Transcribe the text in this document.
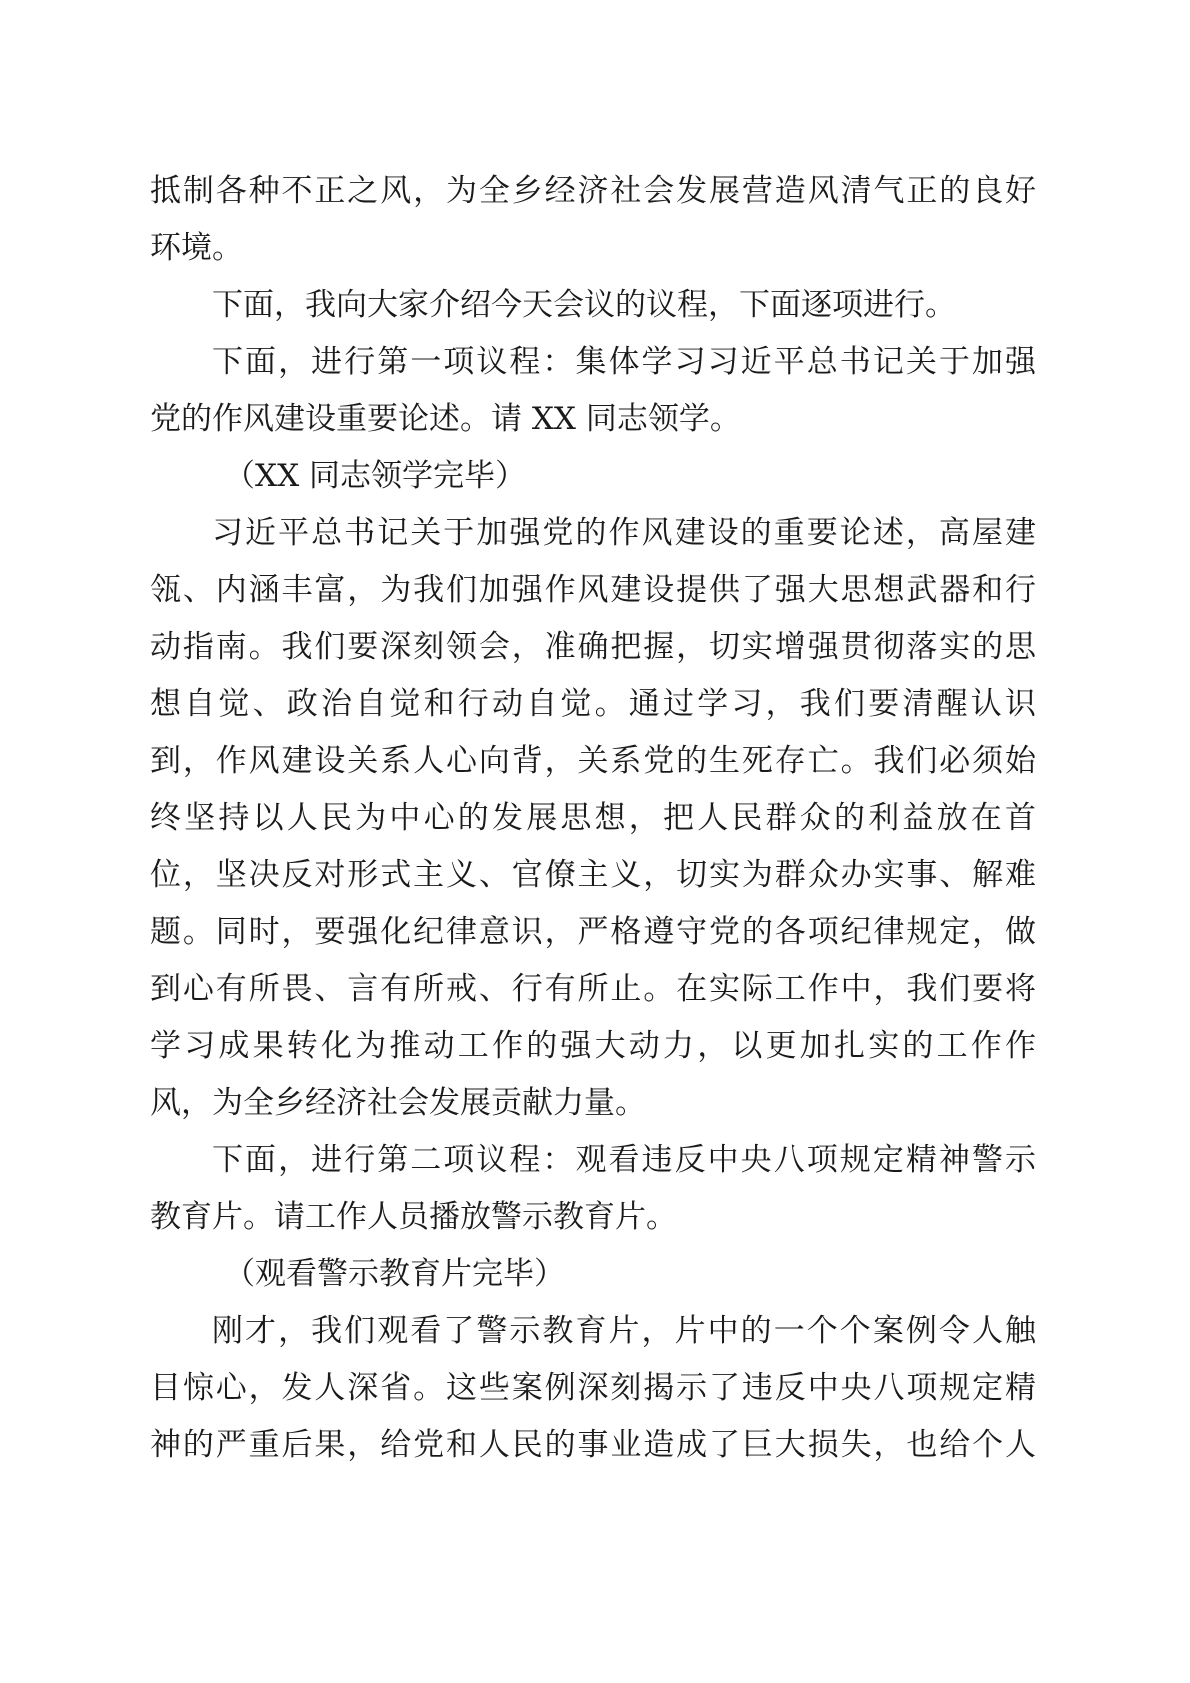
抵制各种不正之风，为全乡经济社会发展营造风清气正的良好

环境。

下面，我向大家介绍今天会议的议程，下面逐项进行。

下面，进行第一项议程：集体学习习近平总书记关于加强

党的作风建设重要论述。请 XX 同志领学。

（XX 同志领学完毕）

习近平总书记关于加强党的作风建设的重要论述，高屋建

瓴、内涵丰富，为我们加强作风建设提供了强大思想武器和行

动指南。我们要深刻领会，准确把握，切实增强贯彻落实的思

想自觉、政治自觉和行动自觉。通过学习，我们要清醒认识

到，作风建设关系人心向背，关系党的生死存亡。我们必须始

终坚持以人民为中心的发展思想，把人民群众的利益放在首

位，坚决反对形式主义、官僚主义，切实为群众办实事、解难

题。同时，要强化纪律意识，严格遵守党的各项纪律规定，做

到心有所畏、言有所戒、行有所止。在实际工作中，我们要将

学习成果转化为推动工作的强大动力，以更加扎实的工作作

风，为全乡经济社会发展贡献力量。

下面，进行第二项议程：观看违反中央八项规定精神警示

教育片。请工作人员播放警示教育片。

（观看警示教育片完毕）

刚才，我们观看了警示教育片，片中的一个个案例令人触

目惊心，发人深省。这些案例深刻揭示了违反中央八项规定精

神的严重后果，给党和人民的事业造成了巨大损失，也给个人
